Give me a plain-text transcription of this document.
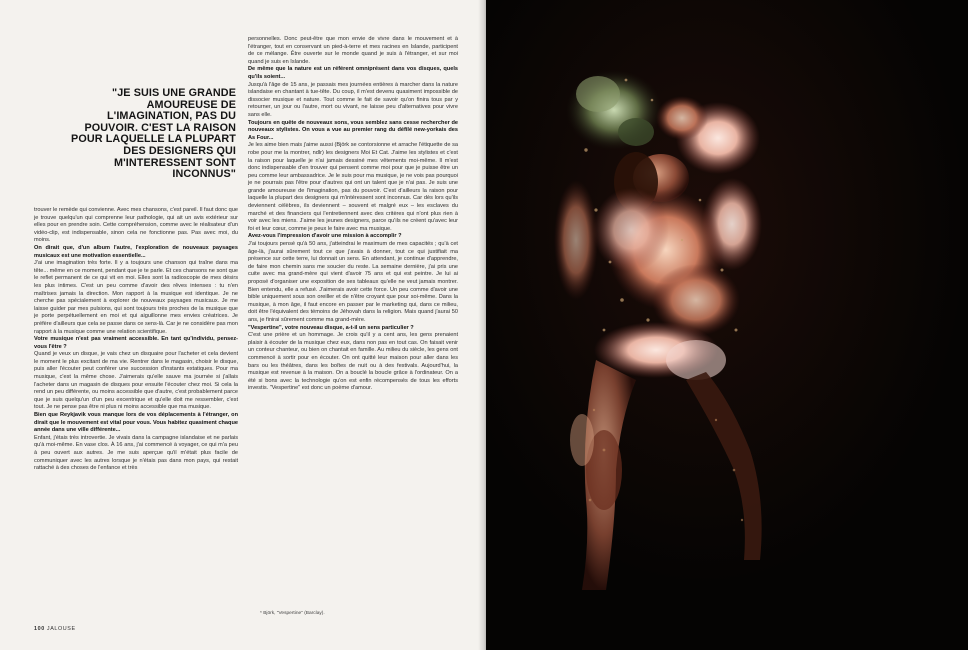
"JE SUIS UNE GRANDE AMOUREUSE DE L'IMAGINATION, PAS DU POUVOIR. C'EST LA RAISON POUR LAQUELLE LA PLUPART DES DESIGNERS QUI M'INTERESSENT SONT INCONNUS"

trouver le remède qui convienne. Avec mes chansons, c'est pareil. Il faut donc que je trouve quelqu'un qui comprenne leur pathologie, qui ait un avis extérieur sur elles pour en prendre soin. Cette compréhension, comme avec le réalisateur d'un vidéo-clip, est indispensable, sinon cela ne fonctionne pas. Pas avec moi, du moins.

On dirait que, d'un album l'autre, l'exploration de nouveaux paysages musicaux est une motivation essentielle...

J'ai une imagination très forte. Il y a toujours une chanson qui traîne dans ma tête... même en ce moment, pendant que je te parle. Et ces chansons ne sont que le reflet permanent de ce qui vit en moi. Elles sont la radioscopie de mes désirs les plus intimes. C'est un peu comme d'avoir des rêves intenses : tu n'en maîtrises jamais la direction. Mon rapport à la musique est identique. Je ne cherche pas spécialement à explorer de nouveaux paysages musicaux. Je me laisse guider par mes pulsions, qui sont toujours très proches de la musique que je porte perpétuellement en moi et qui aiguillonne mes envies créatrices. Je préfère d'ailleurs que cela se passe dans ce sens-là. Car je ne considère pas mon rapport à la musique comme une relation scientifique.

Votre musique n'est pas vraiment accessible. En tant qu'individu, pensez-vous l'être ?

Quand je veux un disque, je vais chez un disquaire pour l'acheter et cela devient le moment le plus excitant de ma vie. Rentrer dans le magasin, choisir le disque, puis aller l'écouter peut conférer une succession d'instants extatiques. Pour ma musique, c'est la même chose. J'aimerais qu'elle sauve ma journée si j'allais l'acheter dans un magasin de disques pour ensuite l'écouter chez moi. Si cela la rend un peu différente, ou moins accessible que d'autre, c'est probablement parce que je suis quelqu'un d'un peu excentrique et qu'elle doit me ressembler, c'est tout. Je ne pense pas être ni plus ni moins accessible que ma musique.

Bien que Reykjavik vous manque lors de vos déplacements à l'étranger, on dirait que le mouvement est vital pour vous. Vous habitez quasiment chaque année dans une ville différente...

Enfant, j'étais très introvertie. Je vivais dans la campagne islandaise et ne parlais qu'à moi-même. En vase clos. À 16 ans, j'ai commencé à voyager, ce qui m'a peu à peu ouvert aux autres. Je me suis aperçue qu'il m'était plus facile de communiquer avec les autres lorsque je n'étais pas dans mon pays, qui restait rattaché à des choses de l'enfance et très

personnelles. Donc peut-être que mon envie de vivre dans le mouvement et à l'étranger, tout en conservant un pied-à-terre et mes racines en Islande, participent de ce mélange. Être ouverte sur le monde quand je suis à l'étranger, et sur moi quand je suis en Islande.

De même que la nature est un référent omniprésent dans vos disques, quels qu'ils soient...

Jusqu'à l'âge de 15 ans, je passais mes journées entières à marcher dans la nature islandaise en chantant à tue-tête. Du coup, il m'est devenu quasiment impossible de dissocier musique et nature. Tout comme le fait de savoir qu'on finira tous par y retourner, un jour ou l'autre, mort ou vivant, ne laisse peu d'alternatives pour vivre sans elle.

Toujours en quête de nouveaux sons, vous semblez sans cesse rechercher de nouveaux stylistes. On vous a vue au premier rang du défilé new-yorkais des As Four...

Je les aime bien mais j'aime aussi (Björk se contorsionne et arrache l'étiquette de sa robe pour me la montrer, ndlr) les designers Moi Et Cat. J'aime les stylistes et c'est la raison pour laquelle je n'ai jamais dessiné mes vêtements moi-même. Il m'est donc indispensable d'en trouver qui pensent comme moi pour que je puisse être un peu comme leur ambassadrice. Je le suis pour ma musique, je ne vois pas pourquoi je ne pourrais pas l'être pour d'autres qui ont un talent que je n'ai pas. Je suis une grande amoureuse de l'imagination, pas du pouvoir. C'est d'ailleurs la raison pour laquelle la plupart des designers qui m'intéressent sont inconnus. Car dès lors qu'ils deviennent célèbres, ils deviennent – souvent et malgré eux – les esclaves du marché et des financiers qui l'entretiennent avec des critères qui n'ont plus rien à voir avec les miens. J'aime les jeunes designers, parce qu'ils ne créent qu'avec leur foi et leur cœur, comme je peux le faire avec ma musique.

Avez-vous l'impression d'avoir une mission à accomplir ?

J'ai toujours pensé qu'à 50 ans, j'atteindrai le maximum de mes capacités ; qu'à cet âge-là, j'aurai sûrement tout ce que j'avais à donner, tout ce qui justifiait ma présence sur cette terre, lui donnait un sens. En attendant, je continue d'apprendre, de faire mon chemin sans me soucier du reste. La semaine dernière, j'ai pris une cuite avec ma grand-mère qui vient d'avoir 75 ans et qui est peintre. Je lui ai proposé d'organiser une exposition de ses tableaux qu'elle ne veut jamais montrer. Bien entendu, elle a refusé. J'aimerais avoir cette force. Un peu comme d'avoir une bible uniquement sous son oreiller et de n'être croyant que pour soi-même. Dans la musique, à mon âge, il faut encore en passer par le marketing qui, dans ce milieu, doit être l'équivalent des témoins de Jéhovah dans la religion. Mais quand j'aurai 50 ans, je finirai sûrement comme ma grand-mère.

"Vespertine", votre nouveau disque, a-t-il un sens particulier ?

C'est une prière et un hommage. Je crois qu'il y a cent ans, les gens prenaient plaisir à écouter de la musique chez eux, dans non pas en tout cas. On faisait venir un conteur chanteur, ou bien on chantait en famille. Au milieu du siècle, les gens ont commencé à sortir pour en écouter. On ont quitté leur maison pour aller dans les bars ou les théâtres, dans les boîtes de nuit ou à des festivals. Aujourd'hui, la musique est revenue à la maison. On a bouclé la boucle grâce à l'ordinateur. On a été si bons avec la technologie qu'on est enfin récompensés de tous les efforts investis. "Vespertine" est donc un poème d'amour.

* Björk, "Vespertine" (Barclay).
100 JALOUSE
